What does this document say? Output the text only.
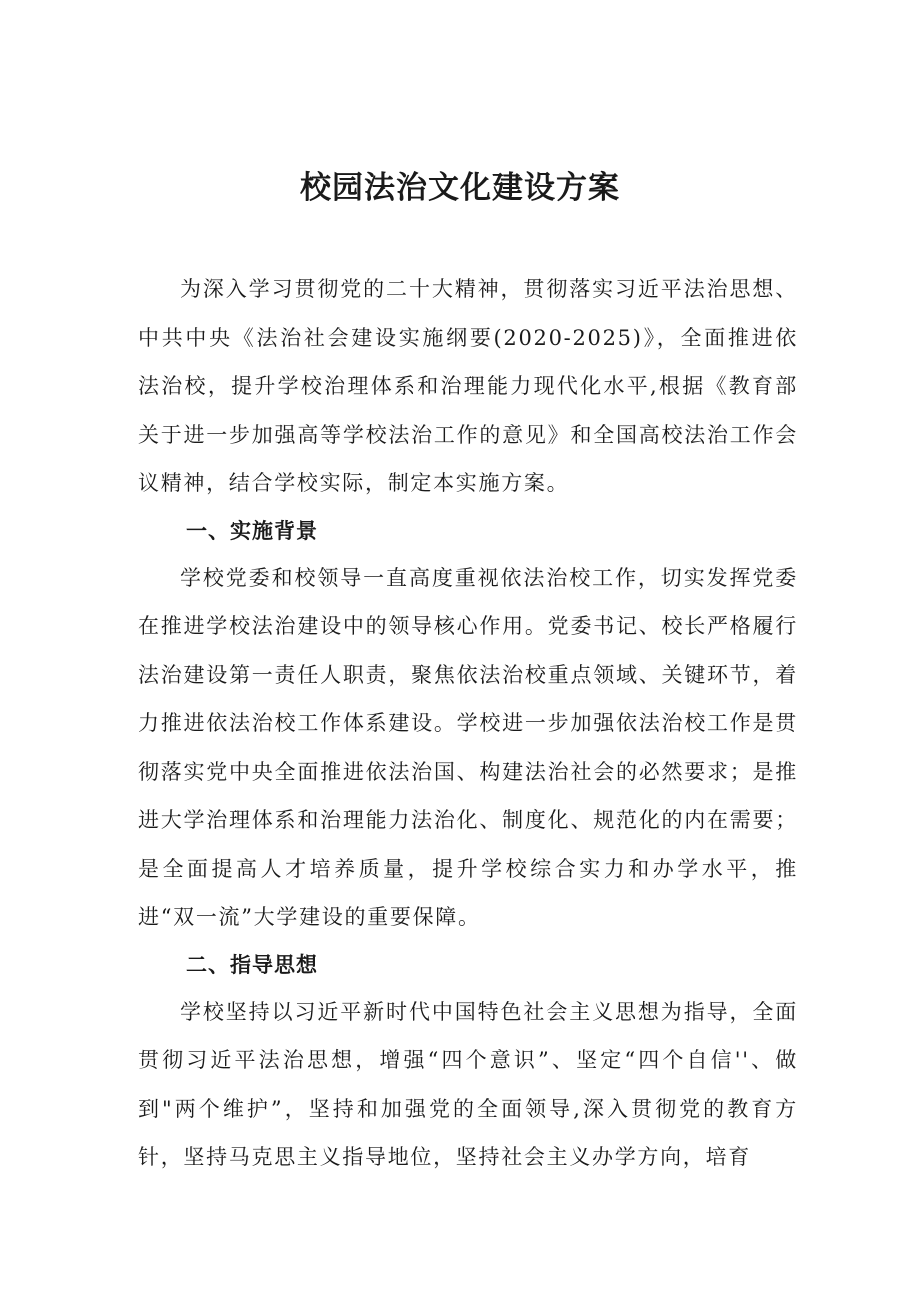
校园法治文化建设方案

为深入学习贯彻党的二十大精神，贯彻落实习近平法治思想、中共中央《法治社会建设实施纲要(2020-2025)》，全面推进依法治校，提升学校治理体系和治理能力现代化水平,根据《教育部关于进一步加强高等学校法治工作的意见》和全国高校法治工作会议精神，结合学校实际，制定本实施方案。

一、实施背景

学校党委和校领导一直高度重视依法治校工作，切实发挥党委在推进学校法治建设中的领导核心作用。党委书记、校长严格履行法治建设第一责任人职责，聚焦依法治校重点领域、关键环节，着力推进依法治校工作体系建设。学校进一步加强依法治校工作是贯彻落实党中央全面推进依法治国、构建法治社会的必然要求；是推进大学治理体系和治理能力法治化、制度化、规范化的内在需要；是全面提高人才培养质量，提升学校综合实力和办学水平，推进“双一流”大学建设的重要保障。

二、指导思想

学校坚持以习近平新时代中国特色社会主义思想为指导，全面贯彻习近平法治思想，增强“四个意识”、坚定“四个自信''、做到"两个维护”，坚持和加强党的全面领导,深入贯彻党的教育方针，坚持马克思主义指导地位，坚持社会主义办学方向，培育
